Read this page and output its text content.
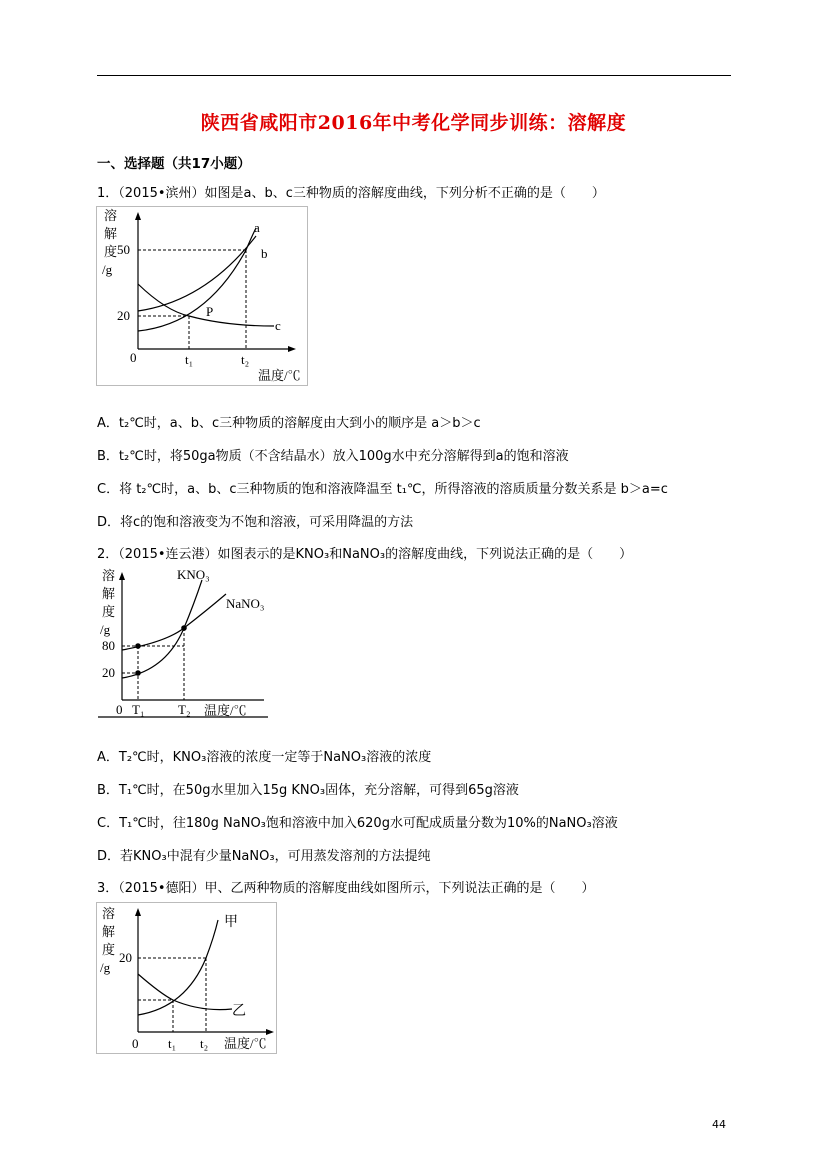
陕西省咸阳市2016年中考化学同步训练：溶解度
一、选择题（共17小题）
1．（2015•滨州）如图是a、b、c三种物质的溶解度曲线，下列分析不正确的是（　　）
溶
解
度
/g
a
b
c
P
50
20
0	t₁	t₂
温度/℃
A．t₂℃时，a、b、c三种物质的溶解度由大到小的顺序是 a＞b＞c
B．t₂℃时，将50ga物质（不含结晶水）放入100g水中充分溶解得到a的饱和溶液
C．将 t₂℃时，a、b、c三种物质的饱和溶液降温至 t₁℃，所得溶液的溶质质量分数关系是 b＞a=c
D．将c的饱和溶液变为不饱和溶液，可采用降温的方法
2．（2015•连云港）如图表示的是KNO₃和NaNO₃的溶解度曲线，下列说法正确的是（　　）
溶
解
度
/g
KNO₃
NaNO₃
80
20
0 T₁	T₂ 温度/℃
A．T₂℃时，KNO₃溶液的浓度一定等于NaNO₃溶液的浓度
B．T₁℃时，在50g水里加入15g KNO₃固体，充分溶解，可得到65g溶液
C．T₁℃时，往180g NaNO₃饱和溶液中加入620g水可配成质量分数为10%的NaNO₃溶液
D．若KNO₃中混有少量NaNO₃，可用蒸发溶剂的方法提纯
3．（2015•德阳）甲、乙两种物质的溶解度曲线如图所示，下列说法正确的是（　　）
溶
解
度
/g
甲
乙
20
0 t₁ t₂ 温度/℃
44
